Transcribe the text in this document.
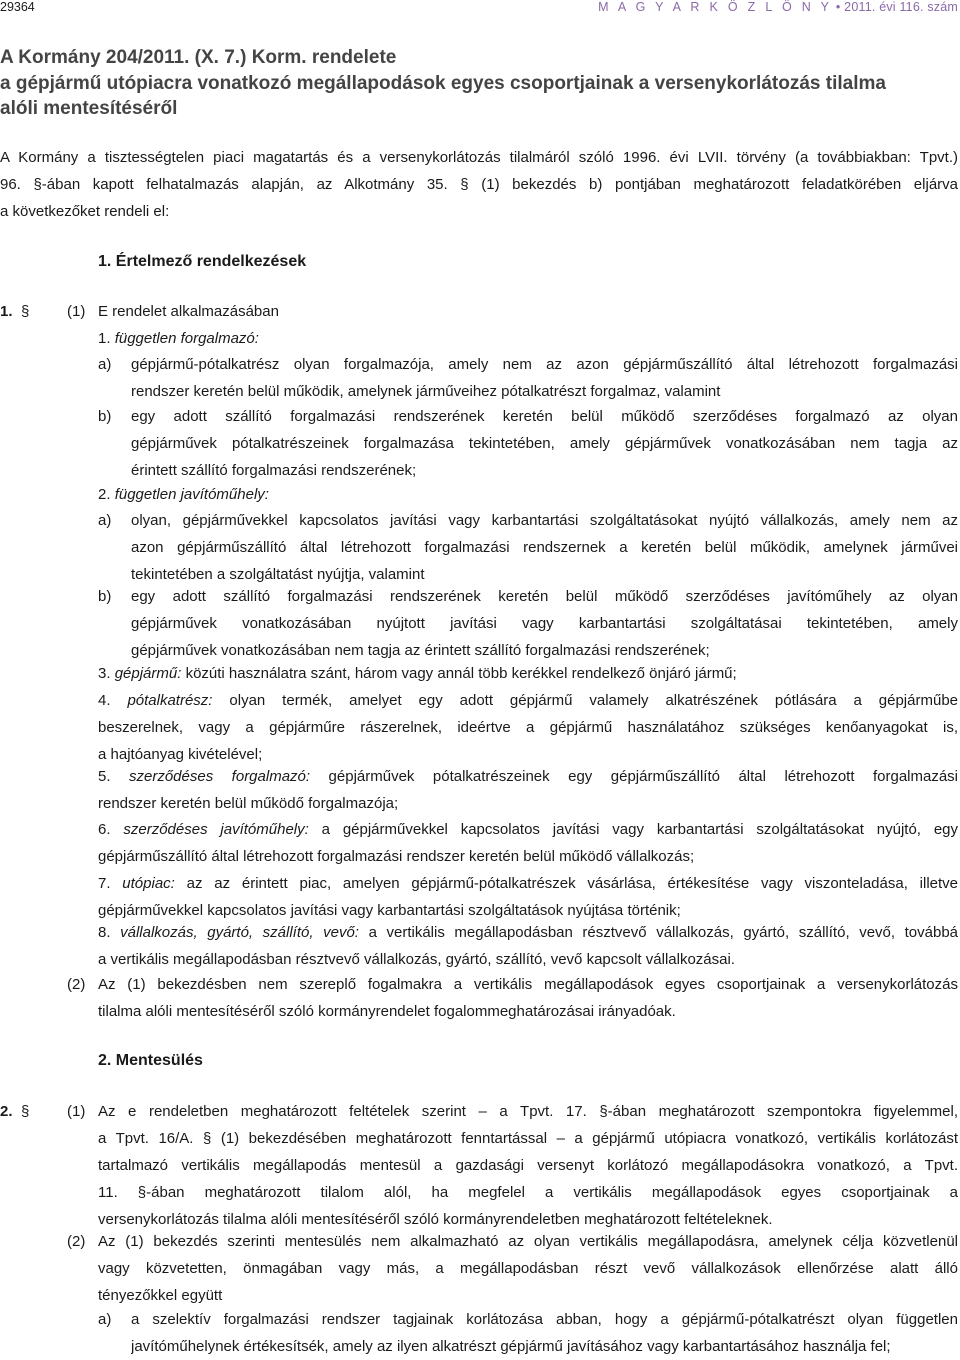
29364	M A G Y A R K Ö Z L Ö N Y • 2011. évi 116. szám
A Kormány 204/2011. (X. 7.) Korm. rendelete
a gépjármű utópiacra vonatkozó megállapodások egyes csoportjainak a versenykorlátozás tilalma
alóli mentesítéséről
A Kormány a tisztességtelen piaci magatartás és a versenykorlátozás tilalmáról szóló 1996. évi LVII. törvény (a továbbiakban: Tpvt.)
96. §-ában kapott felhatalmazás alapján, az Alkotmány 35. § (1) bekezdés b) pontjában meghatározott feladatkörében eljárva
a következőket rendeli el:
1. Értelmező rendelkezések
1. §	(1) E rendelet alkalmazásában
1. független forgalmazó:
a) gépjármű-pótalkatrész olyan forgalmazója, amely nem az azon gépjárműszállító által létrehozott forgalmazási
rendszer keretén belül működik, amelynek járműveihez pótalkatrészt forgalmaz, valamint
b) egy adott szállító forgalmazási rendszerének keretén belül működő szerződéses forgalmazó az olyan
gépjárművek pótalkatrészeinek forgalmazása tekintetében, amely gépjárművek vonatkozásában nem tagja az
érintett szállító forgalmazási rendszerének;
2. független javítóműhely:
a) olyan, gépjárművekkel kapcsolatos javítási vagy karbantartási szolgáltatásokat nyújtó vállalkozás, amely nem az
azon gépjárműszállító által létrehozott forgalmazási rendszernek a keretén belül működik, amelynek járművei
tekintetében a szolgáltatást nyújtja, valamint
b) egy adott szállító forgalmazási rendszerének keretén belül működő szerződéses javítóműhely az olyan
gépjárművek vonatkozásában nyújtott javítási vagy karbantartási szolgáltatásai tekintetében, amely
gépjárművek vonatkozásában nem tagja az érintett szállító forgalmazási rendszerének;
3. gépjármű: közúti használatra szánt, három vagy annál több kerékkel rendelkező önjáró jármű;
4. pótalkatrész: olyan termék, amelyet egy adott gépjármű valamely alkatrészének pótlására a gépjárműbe
beszerelnek, vagy a gépjárműre rászerelnek, ideértve a gépjármű használatához szükséges kenőanyagokat is,
a hajtóanyag kivételével;
5. szerződéses forgalmazó: gépjárművek pótalkatrészeinek egy gépjárműszállító által létrehozott forgalmazási
rendszer keretén belül működő forgalmazója;
6. szerződéses javítóműhely: a gépjárművekkel kapcsolatos javítási vagy karbantartási szolgáltatásokat nyújtó, egy
gépjárműszállító által létrehozott forgalmazási rendszer keretén belül működő vállalkozás;
7. utópiac: az az érintett piac, amelyen gépjármű-pótalkatrészek vásárlása, értékesítése vagy viszonteladása, illetve
gépjárművekkel kapcsolatos javítási vagy karbantartási szolgáltatások nyújtása történik;
8. vállalkozás, gyártó, szállító, vevő: a vertikális megállapodásban résztvevő vállalkozás, gyártó, szállító, vevő, továbbá
a vertikális megállapodásban résztvevő vállalkozás, gyártó, szállító, vevő kapcsolt vállalkozásai.
(2) Az (1) bekezdésben nem szereplő fogalmakra a vertikális megállapodások egyes csoportjainak a versenykorlátozás
tilalma alóli mentesítéséről szóló kormányrendelet fogalommeghatározásai irányadóak.
2. Mentesülés
2. §	(1) Az e rendeletben meghatározott feltételek szerint – a Tpvt. 17. §-ában meghatározott szempontokra figyelemmel,
a Tpvt. 16/A. § (1) bekezdésében meghatározott fenntartással – a gépjármű utópiacra vonatkozó, vertikális korlátozást
tartalmazó vertikális megállapodás mentesül a gazdasági versenyt korlátozó megállapodásokra vonatkozó, a Tpvt.
11. §-ában meghatározott tilalom alól, ha megfelel a vertikális megállapodások egyes csoportjainak a
versenykorlátozás tilalma alóli mentesítéséről szóló kormányrendeletben meghatározott feltételeknek.
(2) Az (1) bekezdés szerinti mentesülés nem alkalmazható az olyan vertikális megállapodásra, amelynek célja közvetlenül
vagy közvetetten, önmagában vagy más, a megállapodásban részt vevő vállalkozások ellenőrzése alatt álló
tényezőkkel együtt
a) a szelektív forgalmazási rendszer tagjainak korlátozása abban, hogy a gépjármű-pótalkatrészt olyan független
javítóműhelynek értékesítsék, amely az ilyen alkatrészt gépjármű javításához vagy karbantartásához használja fel;
